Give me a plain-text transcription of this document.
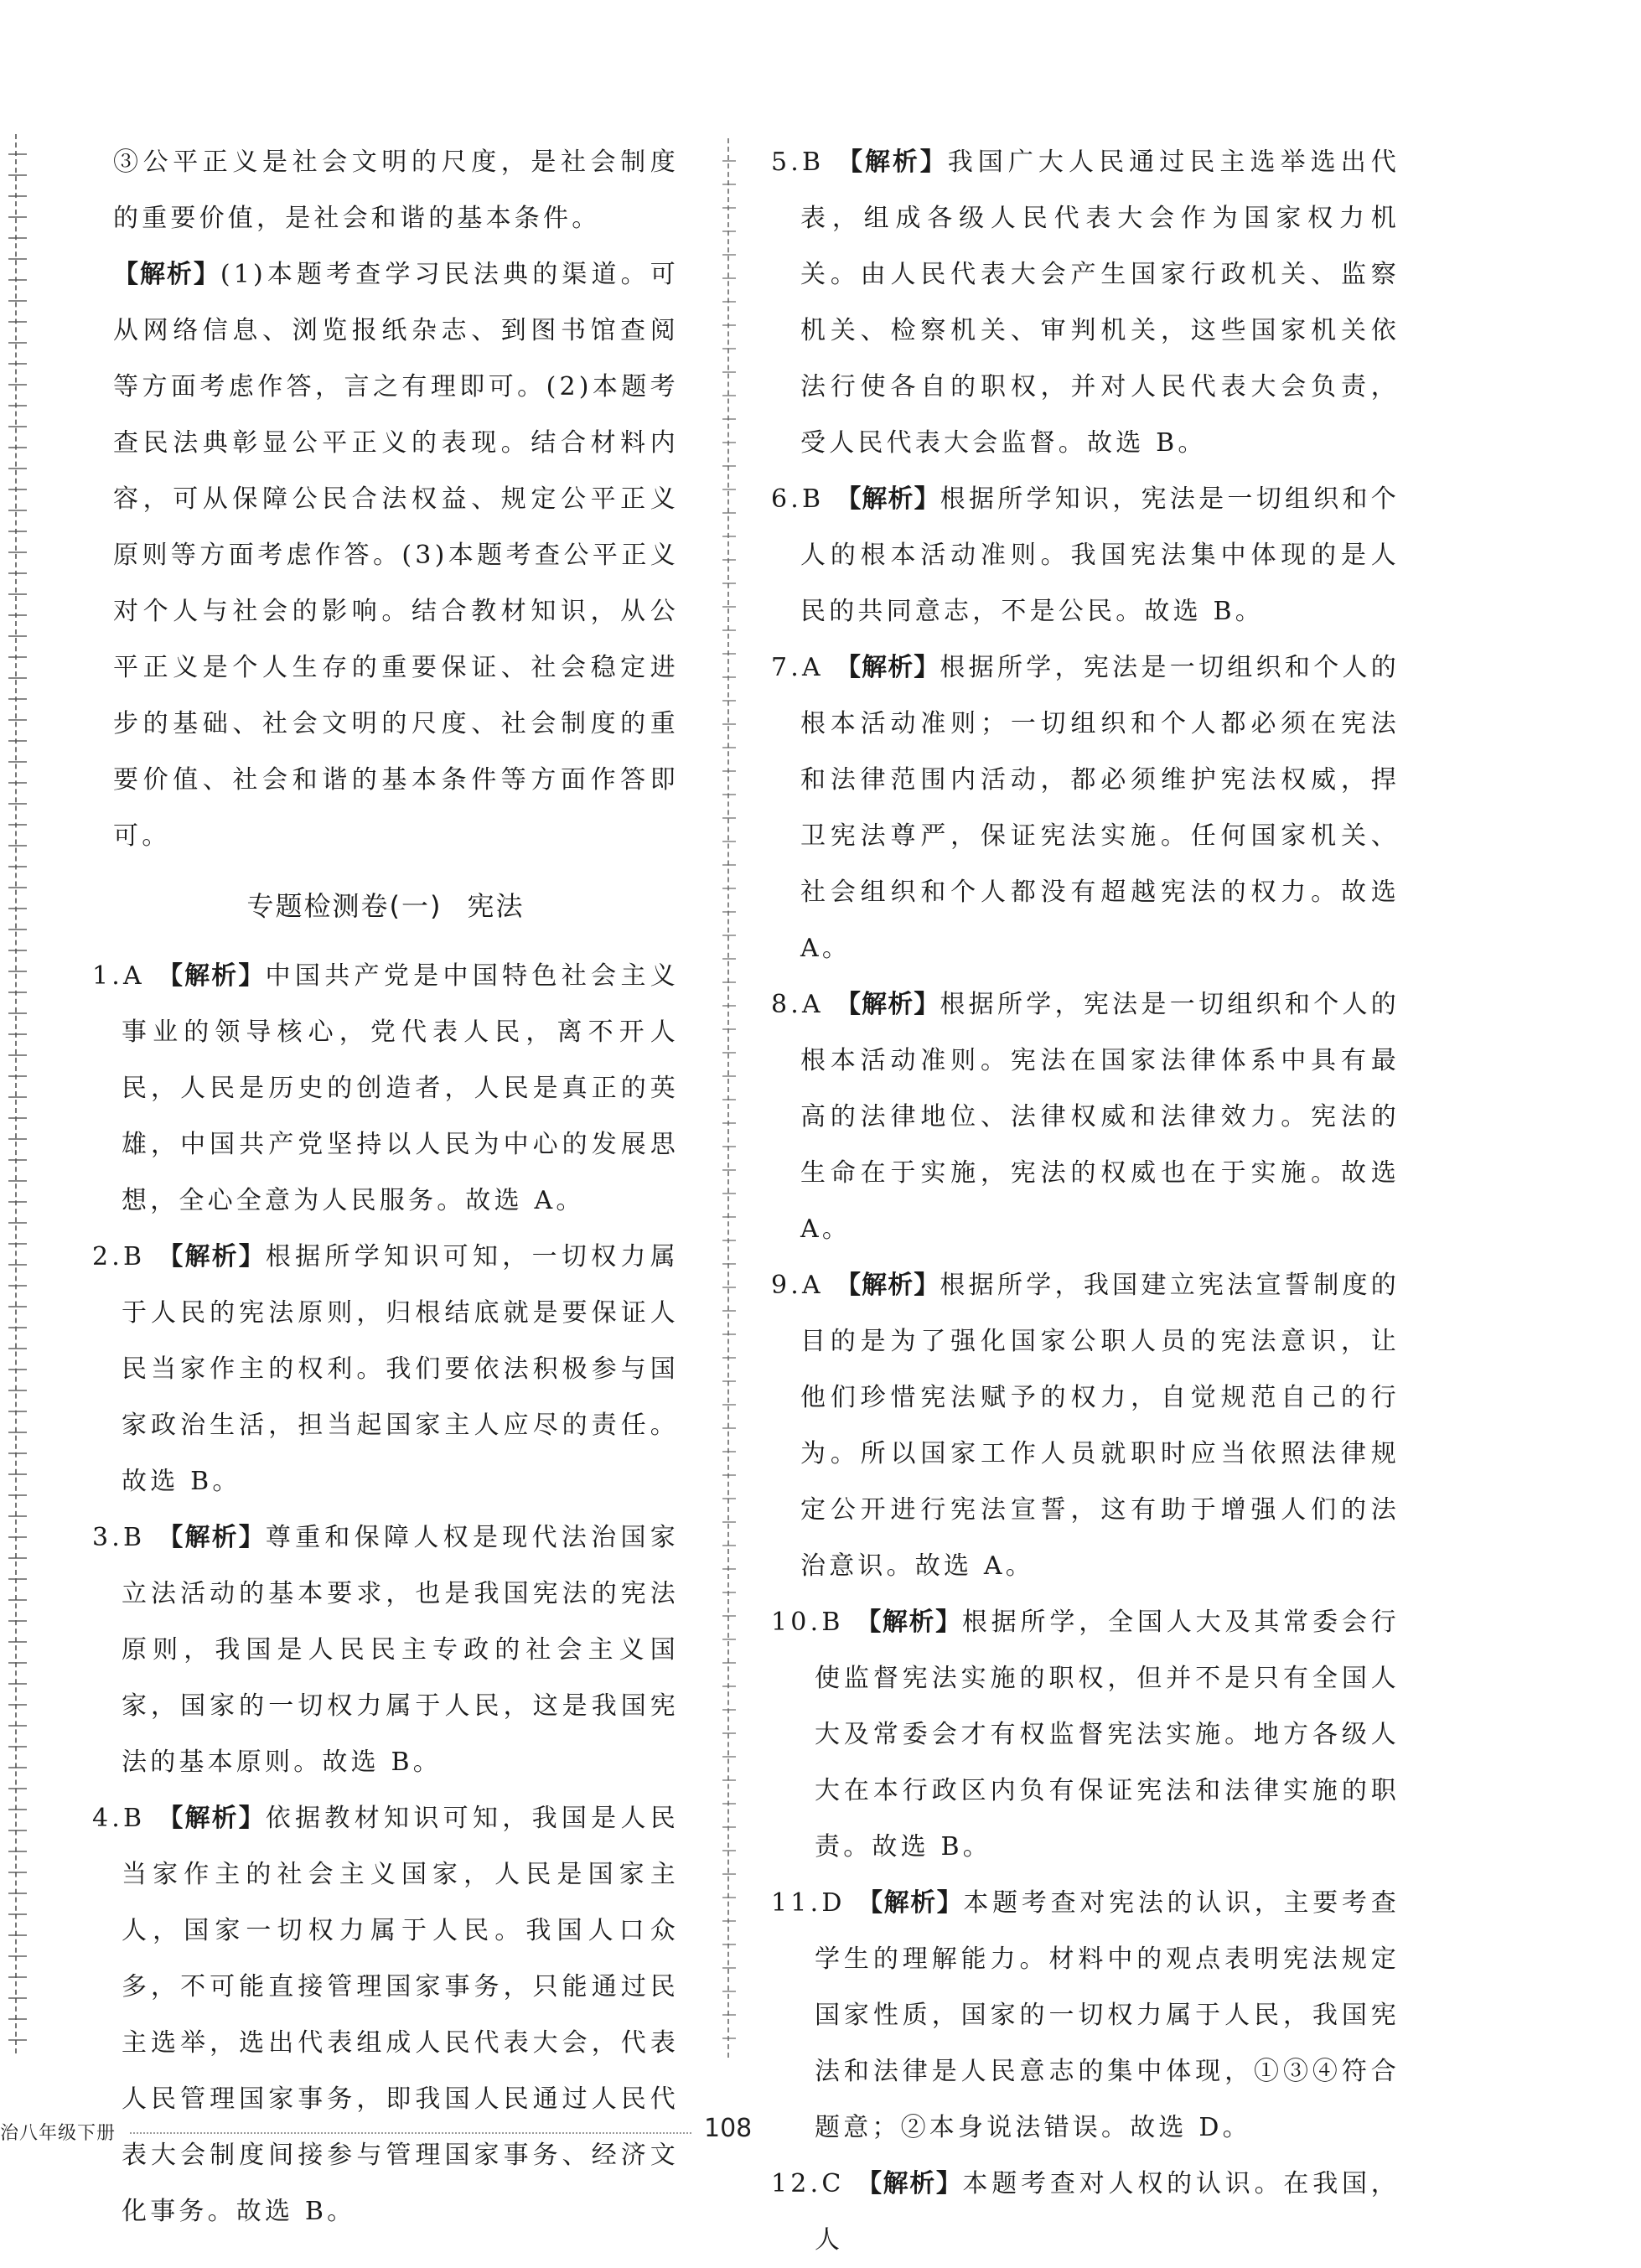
③公平正义是社会文明的尺度，是社会制度的重要价值，是社会和谐的基本条件。

【解析】(1)本题考查学习民法典的渠道。可从网络信息、浏览报纸杂志、到图书馆查阅等方面考虑作答，言之有理即可。(2)本题考查民法典彰显公平正义的表现。结合材料内容，可从保障公民合法权益、规定公平正义原则等方面考虑作答。(3)本题考查公平正义对个人与社会的影响。结合教材知识，从公平正义是个人生存的重要保证、社会稳定进步的基础、社会文明的尺度、社会制度的重要价值、社会和谐的基本条件等方面作答即可。

专题检测卷(一) 宪法

1.A 【解析】中国共产党是中国特色社会主义事业的领导核心，党代表人民，离不开人民，人民是历史的创造者，人民是真正的英雄，中国共产党坚持以人民为中心的发展思想，全心全意为人民服务。故选 A。

2.B 【解析】根据所学知识可知，一切权力属于人民的宪法原则，归根结底就是要保证人民当家作主的权利。我们要依法积极参与国家政治生活，担当起国家主人应尽的责任。故选 B。

3.B 【解析】尊重和保障人权是现代法治国家立法活动的基本要求，也是我国宪法的宪法原则，我国是人民民主专政的社会主义国家，国家的一切权力属于人民，这是我国宪法的基本原则。故选 B。

4.B 【解析】依据教材知识可知，我国是人民当家作主的社会主义国家，人民是国家主人，国家一切权力属于人民。我国人口众多，不可能直接管理国家事务，只能通过民主选举，选出代表组成人民代表大会，代表人民管理国家事务，即我国人民通过人民代表大会制度间接参与管理国家事务、经济文化事务。故选 B。

5.B 【解析】我国广大人民通过民主选举选出代表，组成各级人民代表大会作为国家权力机关。由人民代表大会产生国家行政机关、监察机关、检察机关、审判机关，这些国家机关依法行使各自的职权，并对人民代表大会负责，受人民代表大会监督。故选 B。

6.B 【解析】根据所学知识，宪法是一切组织和个人的根本活动准则。我国宪法集中体现的是人民的共同意志，不是公民。故选 B。

7.A 【解析】根据所学，宪法是一切组织和个人的根本活动准则；一切组织和个人都必须在宪法和法律范围内活动，都必须维护宪法权威，捍卫宪法尊严，保证宪法实施。任何国家机关、社会组织和个人都没有超越宪法的权力。故选 A。

8.A 【解析】根据所学，宪法是一切组织和个人的根本活动准则。宪法在国家法律体系中具有最高的法律地位、法律权威和法律效力。宪法的生命在于实施，宪法的权威也在于实施。故选 A。

9.A 【解析】根据所学，我国建立宪法宣誓制度的目的是为了强化国家公职人员的宪法意识，让他们珍惜宪法赋予的权力，自觉规范自己的行为。所以国家工作人员就职时应当依照法律规定公开进行宪法宣誓，这有助于增强人们的法治意识。故选 A。

10.B 【解析】根据所学，全国人大及其常委会行使监督宪法实施的职权，但并不是只有全国人大及常委会才有权监督宪法实施。地方各级人大在本行政区内负有保证宪法和法律实施的职责。故选 B。

11.D 【解析】本题考查对宪法的认识，主要考查学生的理解能力。材料中的观点表明宪法规定国家性质，国家的一切权力属于人民，我国宪法和法律是人民意志的集中体现，①③④符合题意；②本身说法错误。故选 D。

12.C 【解析】本题考查对人权的认识。在我国，人

治八年级下册	108
